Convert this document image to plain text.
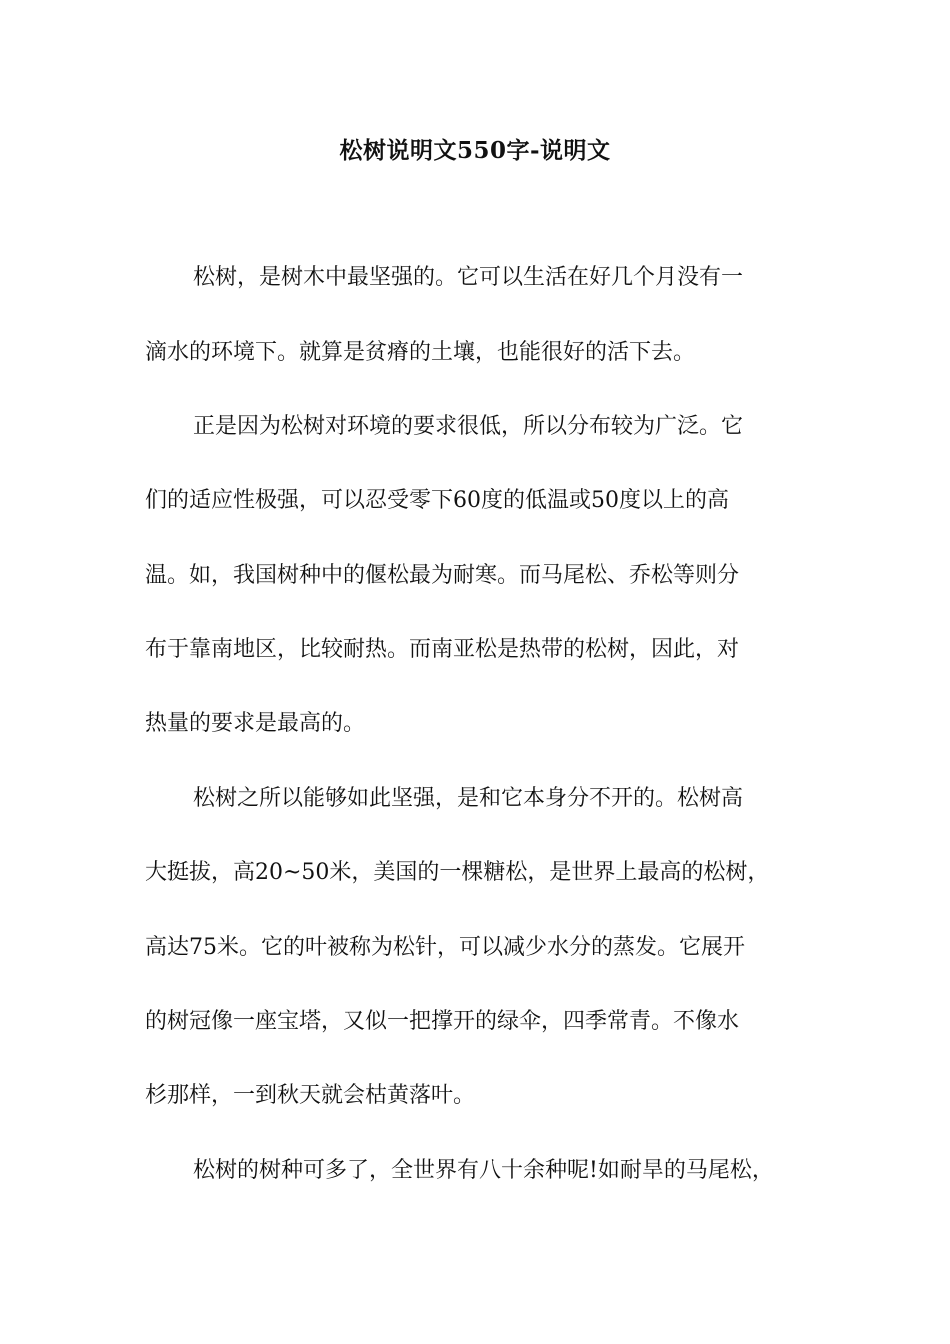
松树说明文550字-说明文

松树，是树木中最坚强的。它可以生活在好几个月没有一

滴水的环境下。就算是贫瘠的土壤，也能很好的活下去。

正是因为松树对环境的要求很低，所以分布较为广泛。它

们的适应性极强，可以忍受零下60度的低温或50度以上的高

温。如，我国树种中的偃松最为耐寒。而马尾松、乔松等则分

布于靠南地区，比较耐热。而南亚松是热带的松树，因此，对

热量的要求是最高的。

松树之所以能够如此坚强，是和它本身分不开的。松树高

大挺拔，高20~50米，美国的一棵糖松，是世界上最高的松树，

高达75米。它的叶被称为松针，可以减少水分的蒸发。它展开

的树冠像一座宝塔，又似一把撑开的绿伞，四季常青。不像水

杉那样，一到秋天就会枯黄落叶。

松树的树种可多了，全世界有八十余种呢!如耐旱的马尾松，
